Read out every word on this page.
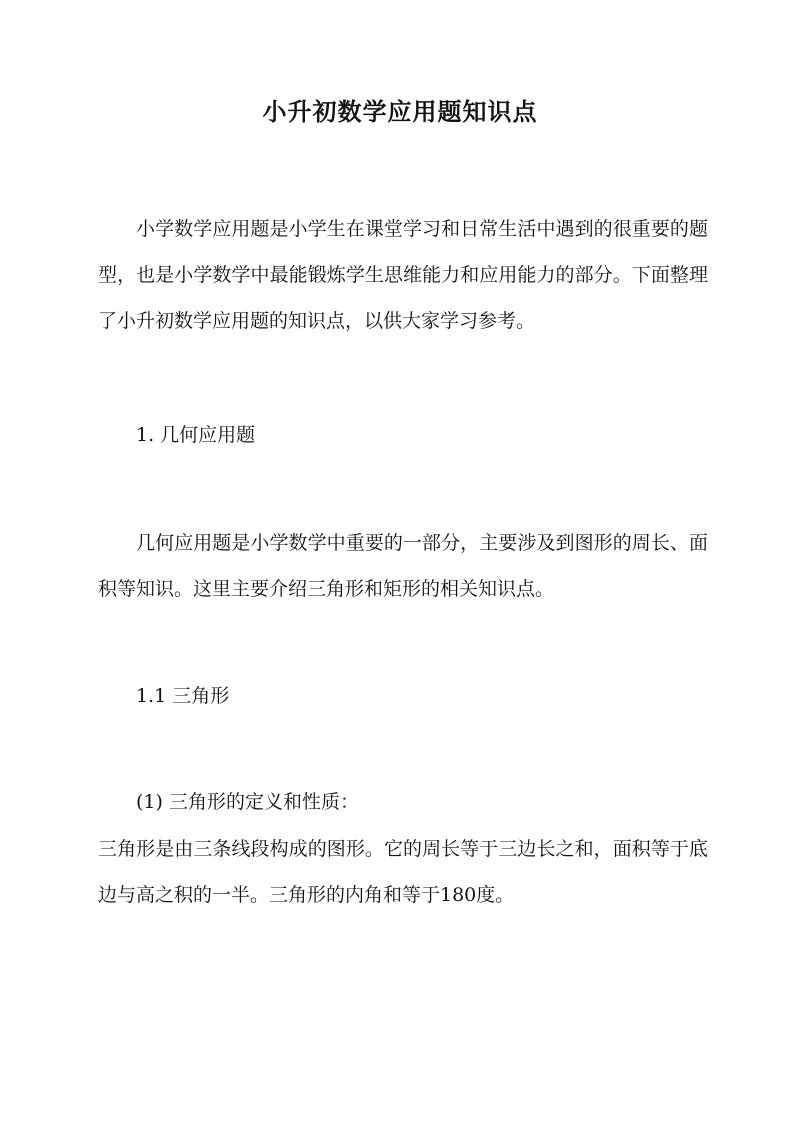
小升初数学应用题知识点

小学数学应用题是小学生在课堂学习和日常生活中遇到的很重要的题型，也是小学数学中最能锻炼学生思维能力和应用能力的部分。下面整理了小升初数学应用题的知识点，以供大家学习参考。

1. 几何应用题

几何应用题是小学数学中重要的一部分，主要涉及到图形的周长、面积等知识。这里主要介绍三角形和矩形的相关知识点。

1.1 三角形

(1) 三角形的定义和性质：

三角形是由三条线段构成的图形。它的周长等于三边长之和，面积等于底边与高之积的一半。三角形的内角和等于180度。
